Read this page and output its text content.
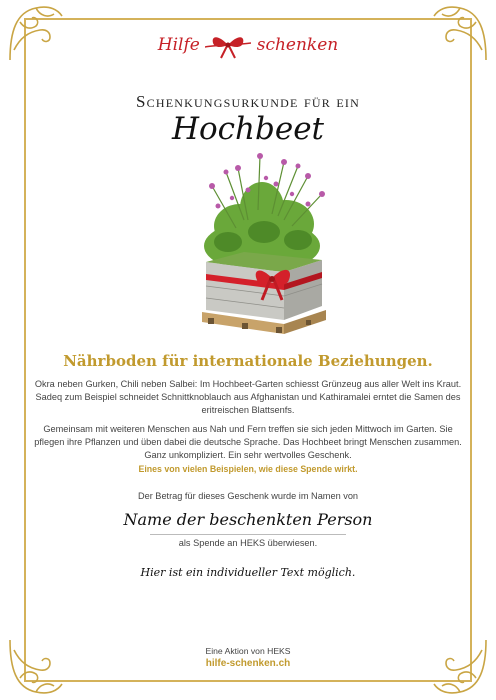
Hilfe	schenken
Schenkungsurkunde für ein
Hochbeet
Nährboden für internationale Beziehungen.
Okra neben Gurken, Chili neben Salbei: Im Hochbeet-Garten schiesst Grünzeug aus aller Welt ins Kraut. Sadeq zum Beispiel schneidet Schnittknoblauch aus Afghanistan und Kathiramalei erntet die Samen des eritreischen Blattsenfs.
Gemeinsam mit weiteren Menschen aus Nah und Fern treffen sie sich jeden Mittwoch im Garten. Sie pflegen ihre Pflanzen und üben dabei die deutsche Sprache. Das Hochbeet bringt Menschen zusammen. Ganz unkompliziert. Ein sehr wertvolles Geschenk.
Eines von vielen Beispielen, wie diese Spende wirkt.
Der Betrag für dieses Geschenk wurde im Namen von
Name der beschenkten Person
als Spende an HEKS überwiesen.
Hier ist ein individueller Text möglich.
Eine Aktion von HEKS
hilfe-schenken.ch
